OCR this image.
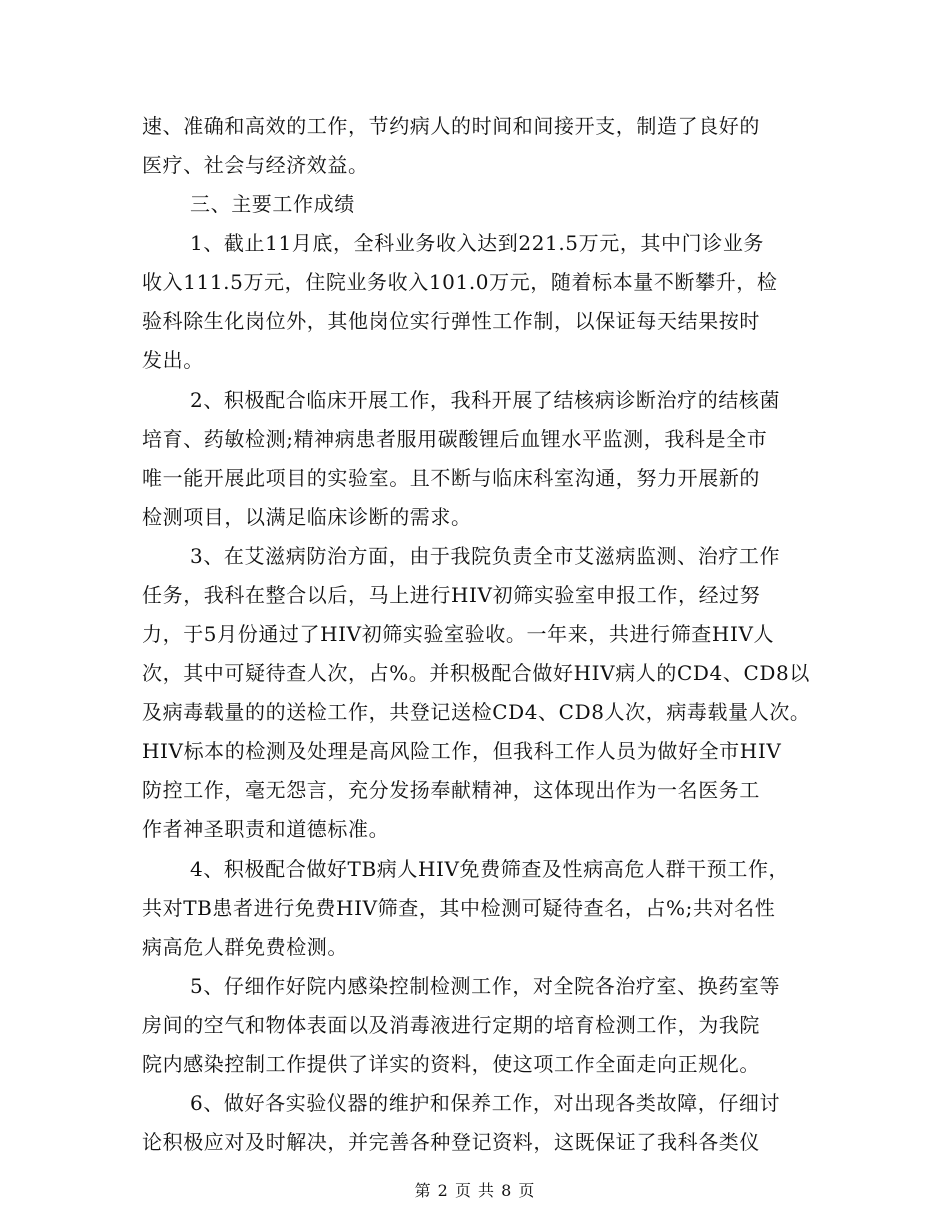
速、准确和高效的工作，节约病人的时间和间接开支，制造了良好的
医疗、社会与经济效益。
三、主要工作成绩
1、截止11月底，全科业务收入达到221.5万元，其中门诊业务
收入111.5万元，住院业务收入101.0万元，随着标本量不断攀升，检
验科除生化岗位外，其他岗位实行弹性工作制，以保证每天结果按时
发出。
2、积极配合临床开展工作，我科开展了结核病诊断治疗的结核菌
培育、药敏检测;精神病患者服用碳酸锂后血锂水平监测，我科是全市
唯一能开展此项目的实验室。且不断与临床科室沟通，努力开展新的
检测项目，以满足临床诊断的需求。
3、在艾滋病防治方面，由于我院负责全市艾滋病监测、治疗工作
任务，我科在整合以后，马上进行HIV初筛实验室申报工作，经过努
力，于5月份通过了HIV初筛实验室验收。一年来，共进行筛查HIV人
次，其中可疑待查人次，占%。并积极配合做好HIV病人的CD4、CD8以
及病毒载量的的送检工作，共登记送检CD4、CD8人次，病毒载量人次。
HIV标本的检测及处理是高风险工作，但我科工作人员为做好全市HIV
防控工作，毫无怨言，充分发扬奉献精神，这体现出作为一名医务工
作者神圣职责和道德标准。
4、积极配合做好TB病人HIV免费筛查及性病高危人群干预工作，
共对TB患者进行免费HIV筛查，其中检测可疑待查名，占%;共对名性
病高危人群免费检测。
5、仔细作好院内感染控制检测工作，对全院各治疗室、换药室等
房间的空气和物体表面以及消毒液进行定期的培育检测工作，为我院
院内感染控制工作提供了详实的资料，使这项工作全面走向正规化。
6、做好各实验仪器的维护和保养工作，对出现各类故障，仔细讨
论积极应对及时解决，并完善各种登记资料，这既保证了我科各类仪
第 2 页 共 8 页
